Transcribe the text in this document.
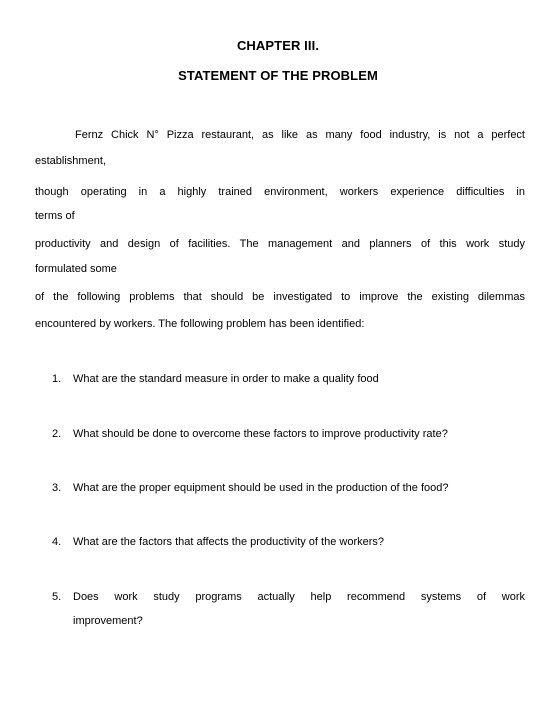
CHAPTER III.
STATEMENT OF THE PROBLEM
Fernz Chick N° Pizza restaurant, as like as many food industry, is not a perfect
establishment,
though operating in a highly trained environment, workers experience difficulties in
terms of
productivity and design of facilities. The management and planners of this work study
formulated some
of the following problems that should be investigated to improve the existing dilemmas
encountered by workers. The following problem has been identified:
1. What are the standard measure in order to make a quality food
2. What should be done to overcome these factors to improve productivity rate?
3. What are the proper equipment should be used in the production of the food?
4. What are the factors that affects the productivity of the workers?
5. Does work study programs actually help recommend systems of work
improvement?
